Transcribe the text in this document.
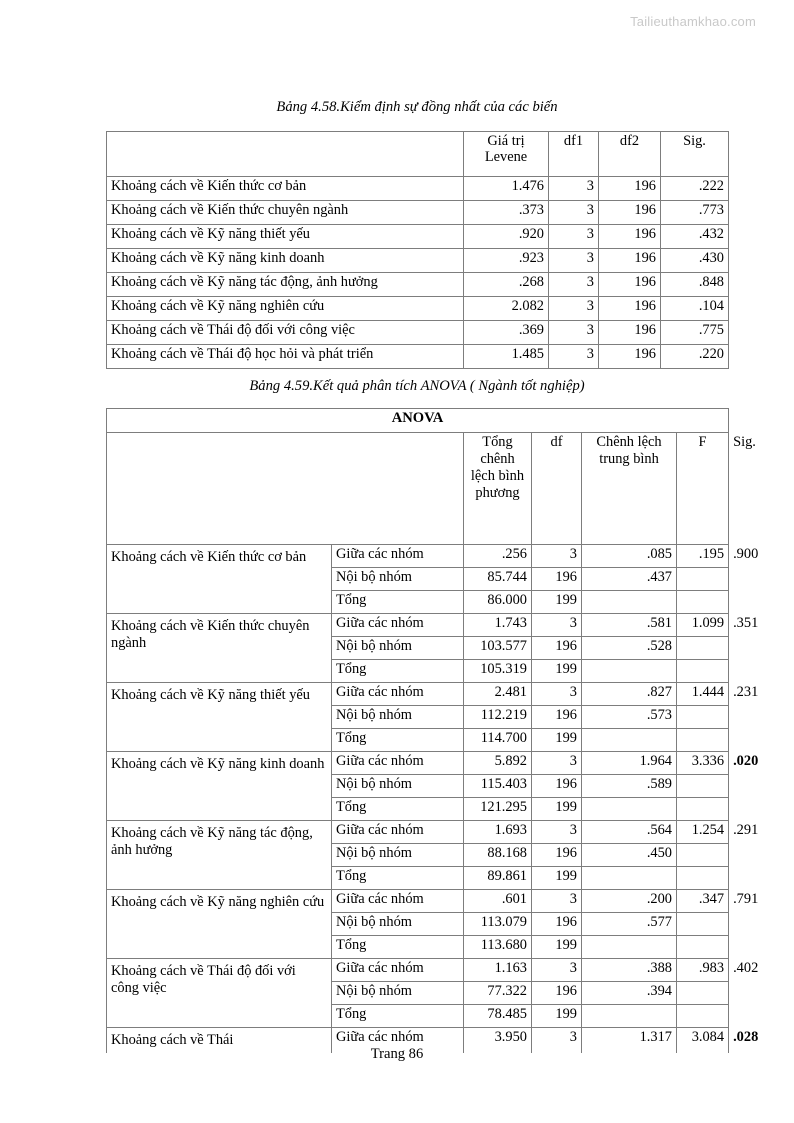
Tailieuthamkhao.com
Bảng 4.58.Kiểm định sự đồng nhất của các biến
	Giá trị Levene	df1	df2	Sig.
Khoảng cách về Kiến thức cơ bản	1.476	3	196	.222
Khoảng cách về Kiến thức chuyên ngành	.373	3	196	.773
Khoảng cách về Kỹ năng thiết yếu	.920	3	196	.432
Khoảng cách về Kỹ năng kinh doanh	.923	3	196	.430
Khoảng cách về Kỹ năng tác động, ảnh hưởng	.268	3	196	.848
Khoảng cách về Kỹ năng nghiên cứu	2.082	3	196	.104
Khoảng cách về Thái độ đối với công việc	.369	3	196	.775
Khoảng cách về Thái độ học hỏi và phát triển	1.485	3	196	.220
Bảng 4.59.Kết quả phân tích ANOVA ( Ngành tốt nghiệp)
ANOVA						
		Tổng chênh lệch bình phương	df	Chênh lệch trung bình	F	Sig.
Khoảng cách về Kiến thức cơ bản	Giữa các nhóm	.256	3	.085	.195	.900
	Nội bộ nhóm	85.744	196	.437		
	Tổng	86.000	199			
Khoảng cách về Kiến thức chuyên ngành	Giữa các nhóm	1.743	3	.581	1.099	.351
	Nội bộ nhóm	103.577	196	.528		
	Tổng	105.319	199			
Khoảng cách về Kỹ năng thiết yếu	Giữa các nhóm	2.481	3	.827	1.444	.231
	Nội bộ nhóm	112.219	196	.573		
	Tổng	114.700	199			
Khoảng cách về Kỹ năng kinh doanh	Giữa các nhóm	5.892	3	1.964	3.336	.020
	Nội bộ nhóm	115.403	196	.589		
	Tổng	121.295	199			
Khoảng cách về Kỹ năng tác động, ảnh hưởng	Giữa các nhóm	1.693	3	.564	1.254	.291
	Nội bộ nhóm	88.168	196	.450		
	Tổng	89.861	199			
Khoảng cách về Kỹ năng nghiên cứu	Giữa các nhóm	.601	3	.200	.347	.791
	Nội bộ nhóm	113.079	196	.577		
	Tổng	113.680	199			
Khoảng cách về Thái độ đối với công việc	Giữa các nhóm	1.163	3	.388	.983	.402
	Nội bộ nhóm	77.322	196	.394		
	Tổng	78.485	199			
Khoảng cách về Thái	Giữa các nhóm	3.950	3	1.317	3.084	.028
Trang 86
